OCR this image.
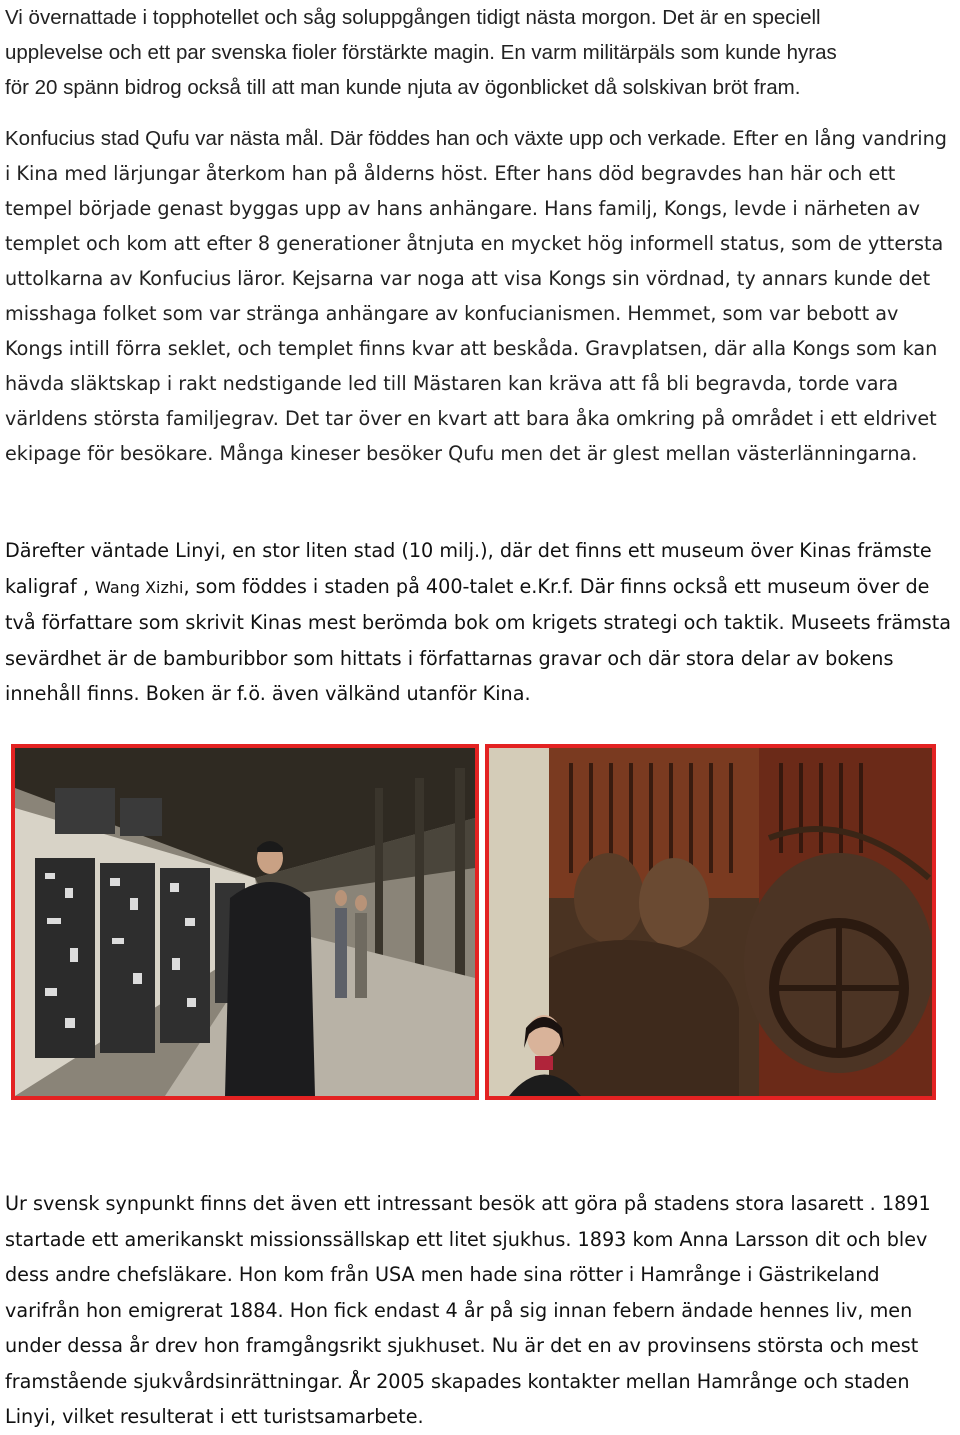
Vi övernattade i topphotellet och såg soluppgången tidigt nästa morgon. Det är en speciell
upplevelse och ett par svenska fioler förstärkte magin. En varm militärpäls som kunde hyras
för 20 spänn bidrog också till att man kunde njuta av ögonblicket då solskivan bröt fram.
Konfucius stad Qufu var nästa mål. Där föddes han och växte upp och verkade. Efter en lång vandring i Kina med lärjungar återkom han på ålderns höst. Efter hans död begravdes han här och ett tempel började genast byggas upp av hans anhängare. Hans familj, Kongs, levde i närheten av templet och kom att efter 8 generationer åtnjuta en mycket hög informell status, som de yttersta uttolkarna av Konfucius läror. Kejsarna var noga att visa Kongs sin vördnad, ty annars kunde det misshaga folket som var stränga anhängare av konfucianismen. Hemmet, som var bebott av Kongs intill förra seklet, och templet finns kvar att beskåda. Gravplatsen, där alla Kongs som kan hävda släktskap i rakt nedstigande led till Mästaren kan kräva att få bli begravda, torde vara världens största familjegrav. Det tar över en kvart att bara åka omkring på området i ett eldrivet ekipage för besökare. Många kineser besöker Qufu men det är glest mellan västerlänningarna.

Därefter väntade Linyi, en stor liten stad (10 milj.), där det finns ett museum över Kinas främste kaligraf , Wang Xizhi, som föddes i staden på 400-talet e.Kr.f. Där finns också ett museum över de två författare som skrivit Kinas mest berömda bok om krigets strategi och taktik. Museets främsta sevärdhet är de bamburibbor som hittats i författarnas gravar och där stora delar av bokens innehåll finns. Boken är f.ö. även välkänd utanför Kina.

Ur svensk synpunkt finns det även ett intressant besök att göra på stadens stora lasarett . 1891 startade ett amerikanskt missionssällskap ett litet sjukhus. 1893 kom Anna Larsson dit och blev dess andre chefsläkare. Hon kom från USA men hade sina rötter i Hamrånge i Gästrikeland varifrån hon emigrerat 1884. Hon fick endast 4 år på sig innan febern ändade hennes liv, men under dessa år drev hon framgångsrikt sjukhuset. Nu är det en av provinsens största och mest framstående sjukvårdsinrättningar. År 2005 skapades kontakter mellan Hamrånge och staden Linyi, vilket resulterat i ett turistsamarbete.
